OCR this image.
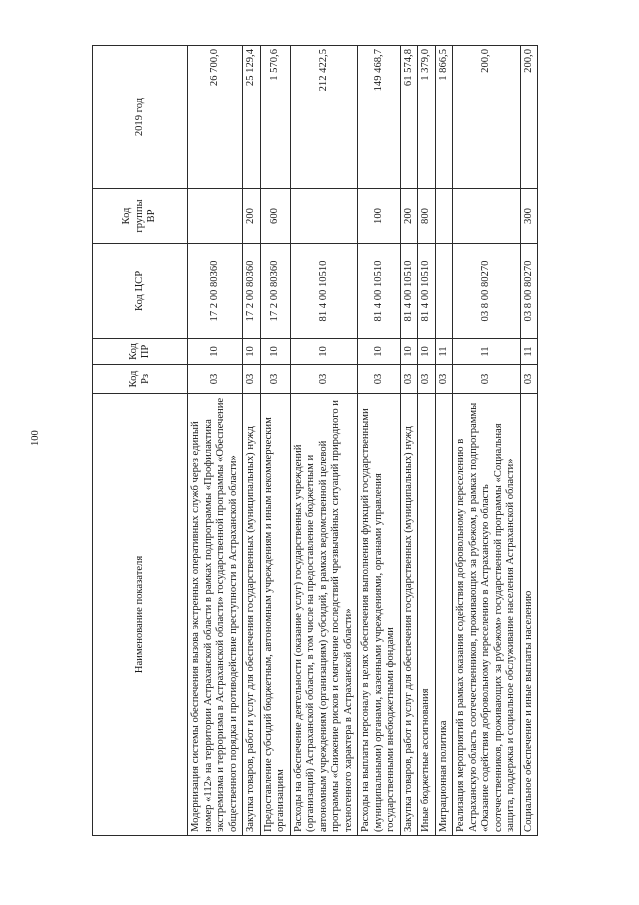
100
Наименование показателя	Код Рз	Код ПР	Код ЦСР	Код группы ВР	2019 год
Модернизация системы обеспечения вызова экстренных оперативных служб через единый номер «112» на территории Астраханской области в рамках подпрограммы «Профилактика экстремизма и терроризма в Астраханской области» государственной программы «Обеспечение общественного порядка и противодействие преступности в Астраханской области»	03	10	17 2 00 80360		26 700,0
Закупка товаров, работ и услуг для обеспечения государственных (муниципальных) нужд	03	10	17 2 00 80360	200	25 129,4
Предоставление субсидий бюджетным, автономным учреждениям и иным некоммерческим организациям	03	10	17 2 00 80360	600	1 570,6
Расходы на обеспечение деятельности (оказание услуг) государственных учреждений (организаций) Астраханской области, в том числе на предоставление бюджетным и автономным учреждениям (организациям) субсидий, в рамках ведомственной целевой программы «Снижение рисков и смягчение последствий чрезвычайных ситуаций природного и техногенного характера в Астраханской области»	03	10	81 4 00 10510		212 422,5
Расходы на выплаты персоналу в целях обеспечения выполнения функций государственными (муниципальными) органами, казенными учреждениями, органами управления государственными внебюджетными фондами	03	10	81 4 00 10510	100	149 468,7
Закупка товаров, работ и услуг для обеспечения государственных (муниципальных) нужд	03	10	81 4 00 10510	200	61 574,8
Иные бюджетные ассигнования	03	10	81 4 00 10510	800	1 379,0
Миграционная политика	03	11			1 866,5
Реализация мероприятий в рамках оказания содействия добровольному переселению в Астраханскую область соотечественников, проживающих за рубежом, в рамках подпрограммы «Оказание содействия добровольному переселению в Астраханскую область соотечественников, проживающих за рубежом» государственной программы «Социальная защита, поддержка и социальное обслуживание населения Астраханской области»	03	11	03 8 00 80270		200,0
Социальное обеспечение и иные выплаты населению	03	11	03 8 00 80270	300	200,0
